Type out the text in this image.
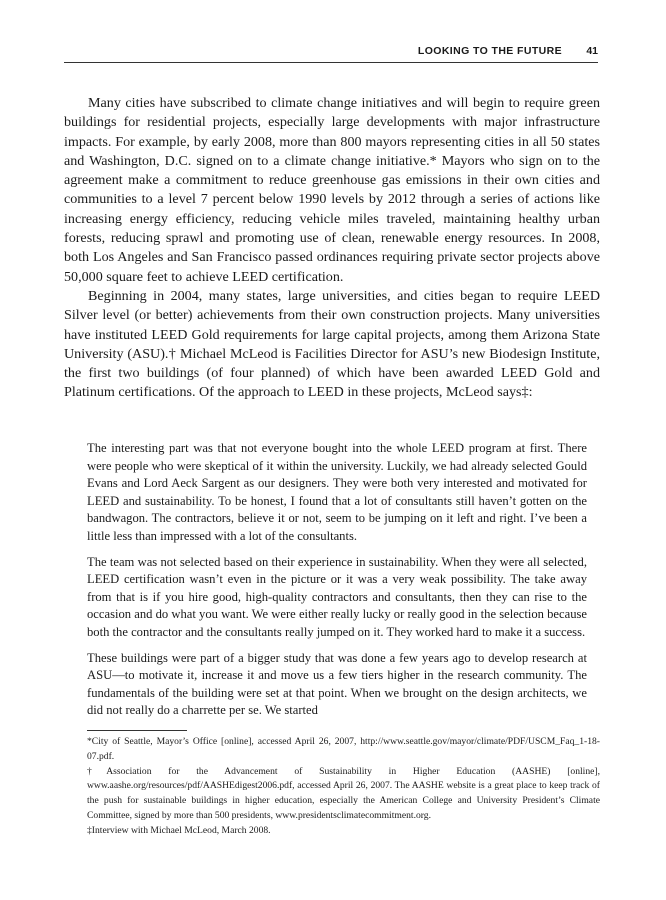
LOOKING TO THE FUTURE 41

Many cities have subscribed to climate change initiatives and will begin to require green buildings for residential projects, especially large developments with major infrastructure impacts. For example, by early 2008, more than 800 mayors representing cities in all 50 states and Washington, D.C. signed on to a climate change initiative.* Mayors who sign on to the agreement make a commitment to reduce greenhouse gas emissions in their own cities and communities to a level 7 percent below 1990 levels by 2012 through a series of actions like increasing energy efficiency, reducing vehicle miles traveled, maintaining healthy urban forests, reducing sprawl and promoting use of clean, renewable energy resources. In 2008, both Los Angeles and San Francisco passed ordinances requiring private sector projects above 50,000 square feet to achieve LEED certification.

Beginning in 2004, many states, large universities, and cities began to require LEED Silver level (or better) achievements from their own construction projects. Many universities have instituted LEED Gold requirements for large capital projects, among them Arizona State University (ASU).† Michael McLeod is Facilities Director for ASU’s new Biodesign Institute, the first two buildings (of four planned) of which have been awarded LEED Gold and Platinum certifications. Of the approach to LEED in these projects, McLeod says‡:

The interesting part was that not everyone bought into the whole LEED program at first. There were people who were skeptical of it within the university. Luckily, we had already selected Gould Evans and Lord Aeck Sargent as our designers. They were both very interested and motivated for LEED and sustainability. To be honest, I found that a lot of consultants still haven’t gotten on the bandwagon. The contractors, believe it or not, seem to be jumping on it left and right. I’ve been a little less than impressed with a lot of the consultants.

The team was not selected based on their experience in sustainability. When they were all selected, LEED certification wasn’t even in the picture or it was a very weak possibility. The take away from that is if you hire good, high-quality contractors and consultants, then they can rise to the occasion and do what you want. We were either really lucky or really good in the selection because both the contractor and the consultants really jumped on it. They worked hard to make it a success.

These buildings were part of a bigger study that was done a few years ago to develop research at ASU—to motivate it, increase it and move us a few tiers higher in the research community. The fundamentals of the building were set at that point. When we brought on the design architects, we did not really do a charrette per se. We started

*City of Seattle, Mayor’s Office [online], accessed April 26, 2007, http://www.seattle.gov/mayor/climate/PDF/USCM_Faq_1-18-07.pdf.

†Association for the Advancement of Sustainability in Higher Education (AASHE) [online], www.aashe.org/resources/pdf/AASHEdigest2006.pdf, accessed April 26, 2007. The AASHE website is a great place to keep track of the push for sustainable buildings in higher education, especially the American College and University President’s Climate Committee, signed by more than 500 presidents, www.presidentsclimatecommitment.org.

‡Interview with Michael McLeod, March 2008.
